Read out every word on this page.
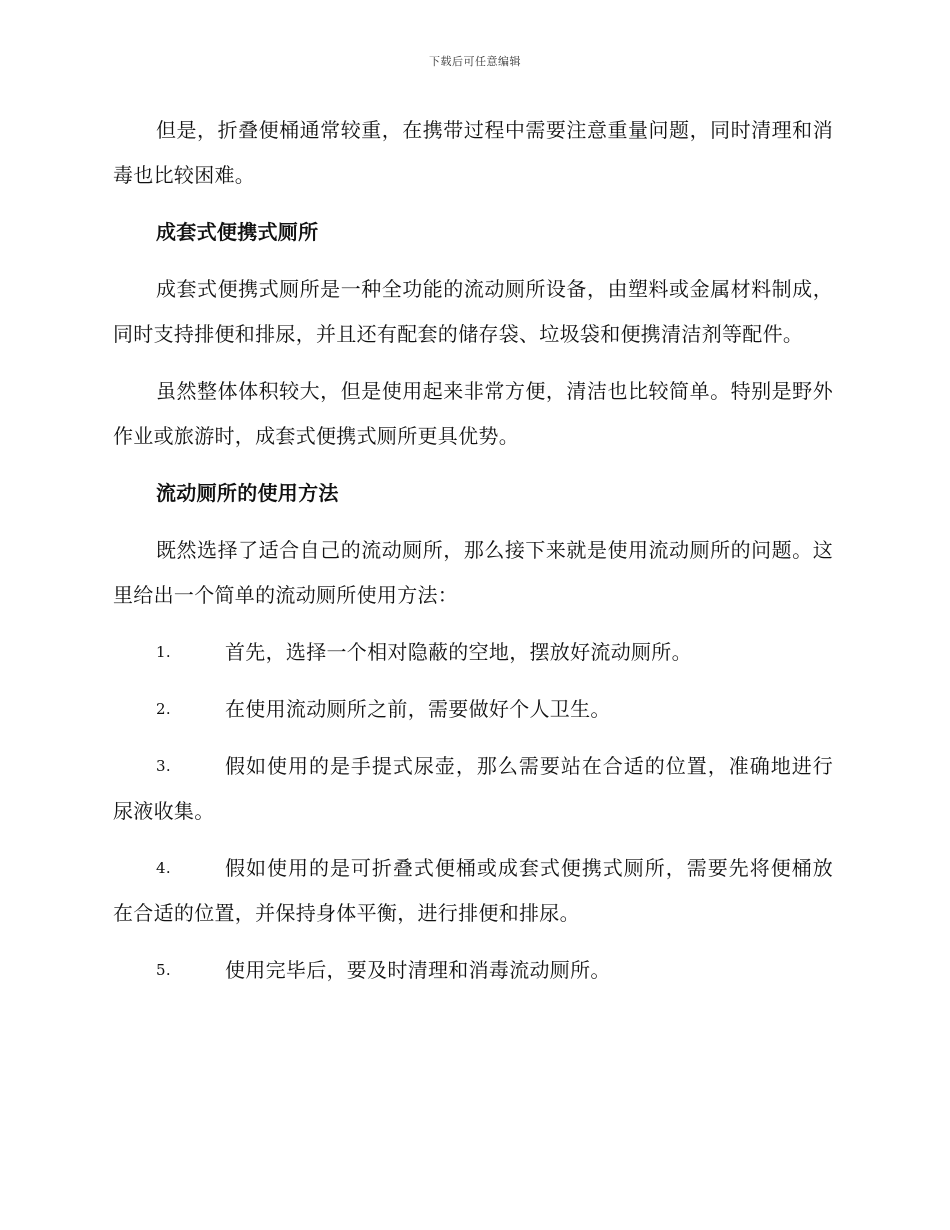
下载后可任意编辑

但是，折叠便桶通常较重，在携带过程中需要注意重量问题，同时清理和消毒也比较困难。

成套式便携式厕所

成套式便携式厕所是一种全功能的流动厕所设备，由塑料或金属材料制成，同时支持排便和排尿，并且还有配套的储存袋、垃圾袋和便携清洁剂等配件。

虽然整体体积较大，但是使用起来非常方便，清洁也比较简单。特别是野外作业或旅游时，成套式便携式厕所更具优势。

流动厕所的使用方法

既然选择了适合自己的流动厕所，那么接下来就是使用流动厕所的问题。这里给出一个简单的流动厕所使用方法：

1.	首先，选择一个相对隐蔽的空地，摆放好流动厕所。
2.	在使用流动厕所之前，需要做好个人卫生。
3.	假如使用的是手提式尿壶，那么需要站在合适的位置，准确地进行尿液收集。
4.	假如使用的是可折叠式便桶或成套式便携式厕所，需要先将便桶放在合适的位置，并保持身体平衡，进行排便和排尿。
5.	使用完毕后，要及时清理和消毒流动厕所。
